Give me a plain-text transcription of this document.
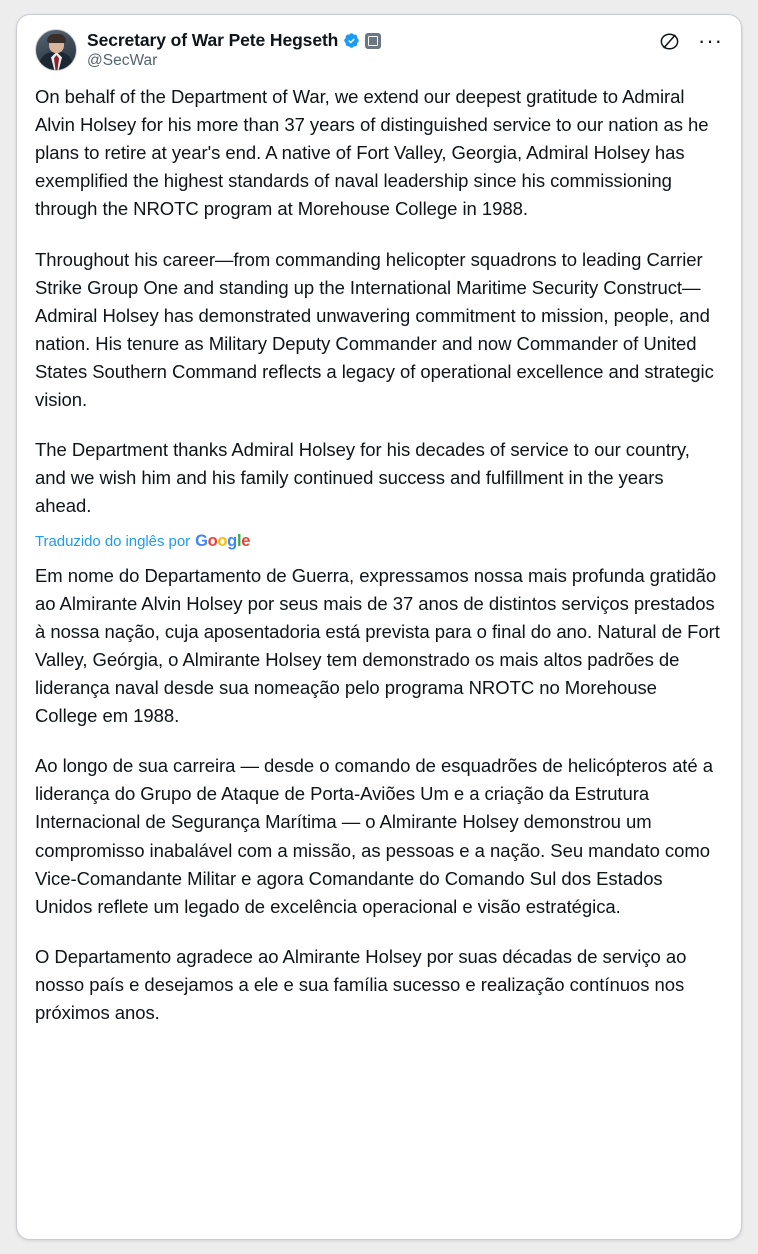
Secretary of War Pete Hegseth
@SecWar
···

On behalf of the Department of War, we extend our deepest gratitude to Admiral Alvin Holsey for his more than 37 years of distinguished service to our nation as he plans to retire at year's end. A native of Fort Valley, Georgia, Admiral Holsey has exemplified the highest standards of naval leadership since his commissioning through the NROTC program at Morehouse College in 1988.

Throughout his career—from commanding helicopter squadrons to leading Carrier Strike Group One and standing up the International Maritime Security Construct—Admiral Holsey has demonstrated unwavering commitment to mission, people, and nation. His tenure as Military Deputy Commander and now Commander of United States Southern Command reflects a legacy of operational excellence and strategic vision.

The Department thanks Admiral Holsey for his decades of service to our country, and we wish him and his family continued success and fulfillment in the years ahead.

Traduzido do inglês por Google

Em nome do Departamento de Guerra, expressamos nossa mais profunda gratidão ao Almirante Alvin Holsey por seus mais de 37 anos de distintos serviços prestados à nossa nação, cuja aposentadoria está prevista para o final do ano. Natural de Fort Valley, Geórgia, o Almirante Holsey tem demonstrado os mais altos padrões de liderança naval desde sua nomeação pelo programa NROTC no Morehouse College em 1988.

Ao longo de sua carreira — desde o comando de esquadrões de helicópteros até a liderança do Grupo de Ataque de Porta-Aviões Um e a criação da Estrutura Internacional de Segurança Marítima — o Almirante Holsey demonstrou um compromisso inabalável com a missão, as pessoas e a nação. Seu mandato como Vice-Comandante Militar e agora Comandante do Comando Sul dos Estados Unidos reflete um legado de excelência operacional e visão estratégica.

O Departamento agradece ao Almirante Holsey por suas décadas de serviço ao nosso país e desejamos a ele e sua família sucesso e realização contínuos nos próximos anos.
